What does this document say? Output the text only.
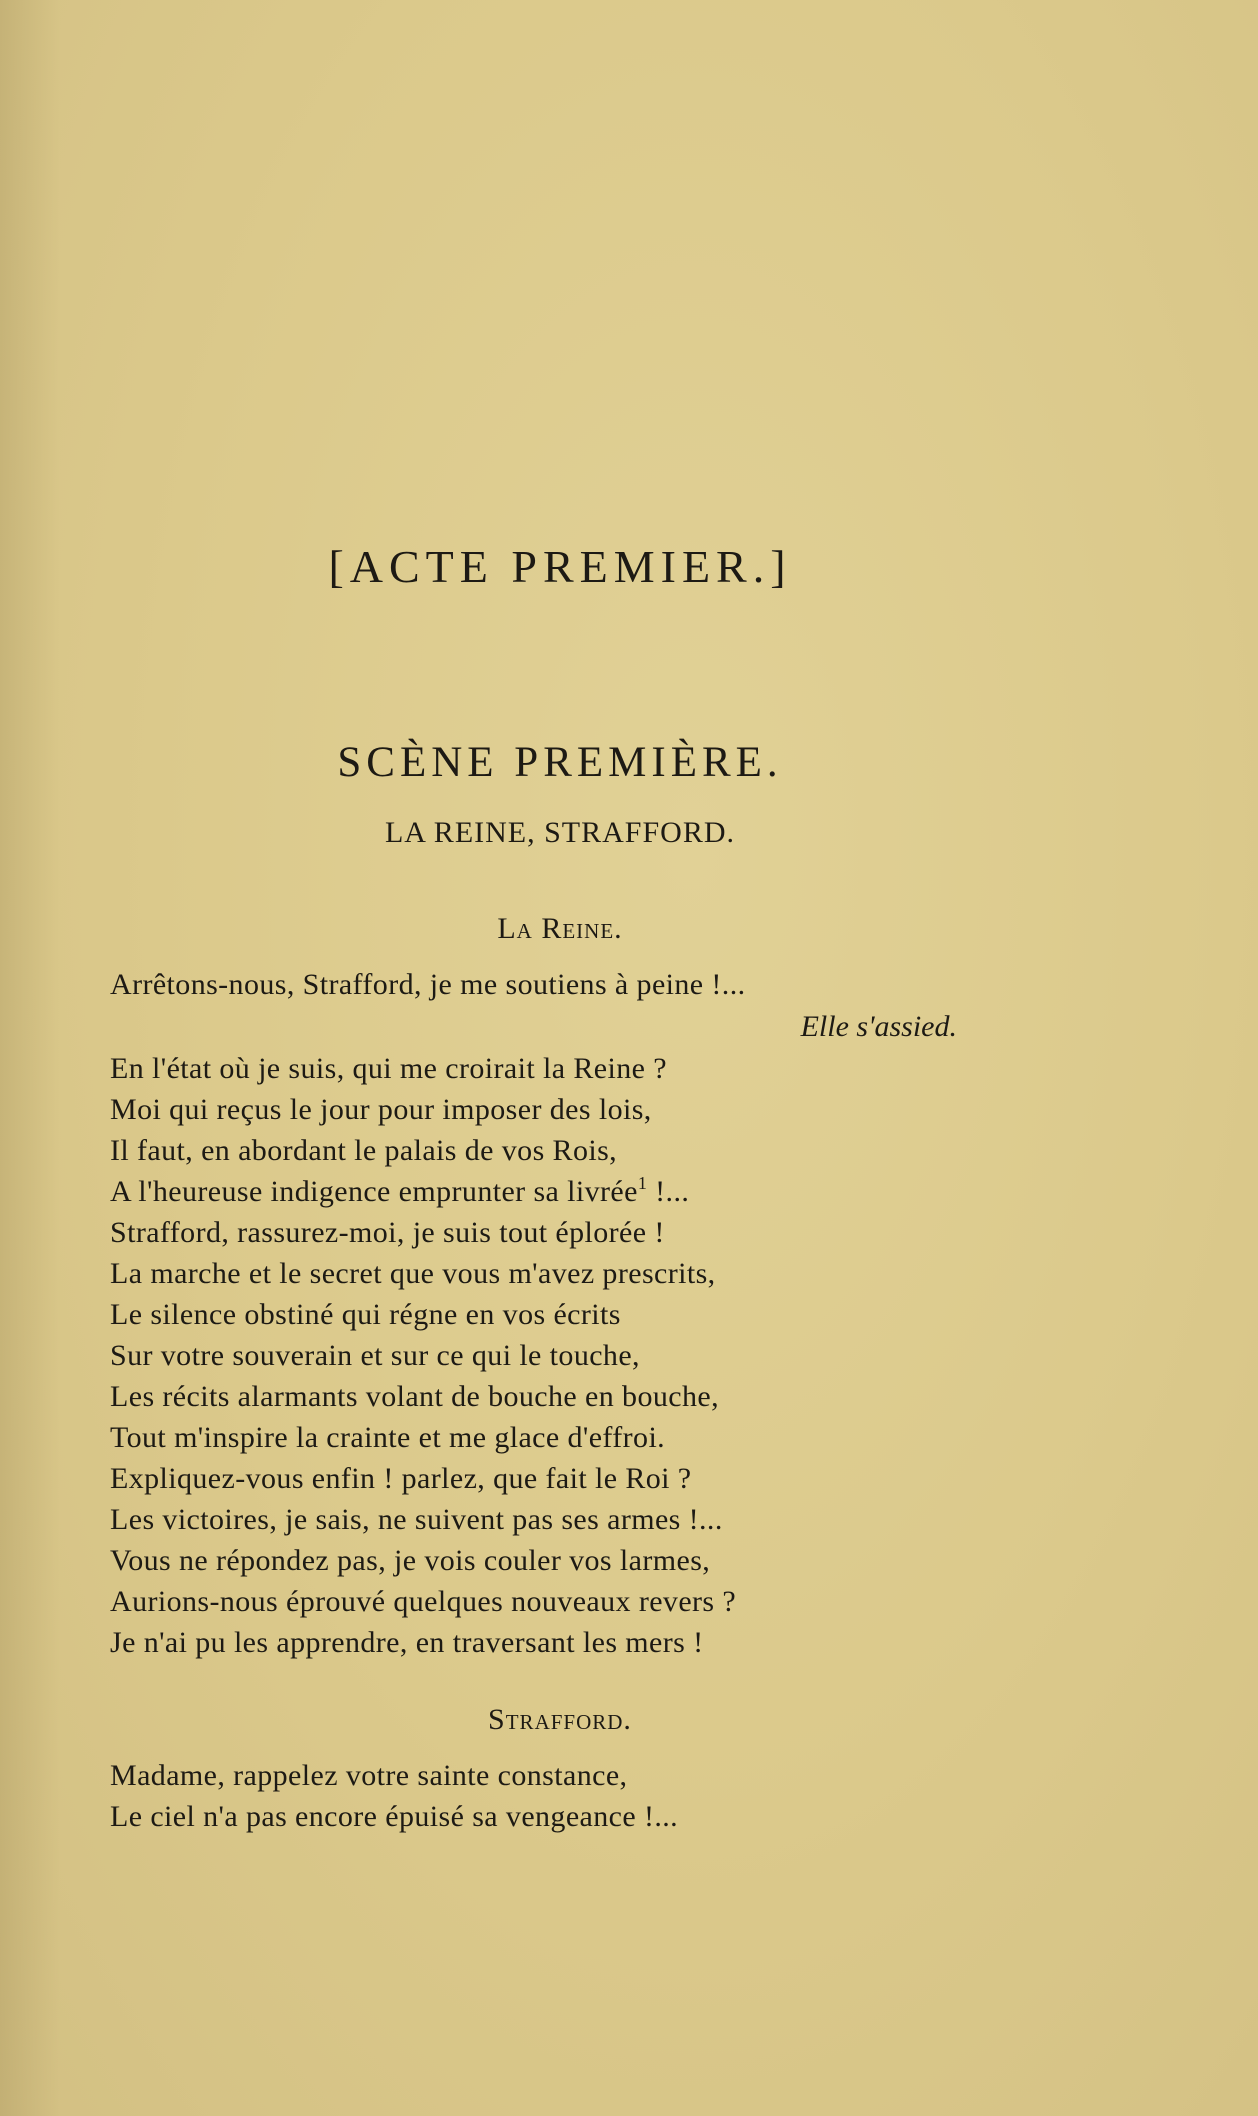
[ACTE PREMIER.]
SCÈNE PREMIÈRE.
LA REINE, STRAFFORD.
La Reine.
Arrêtons-nous, Strafford, je me soutiens à peine !...
Elle s'assied.
En l'état où je suis, qui me croirait la Reine ?
Moi qui reçus le jour pour imposer des lois,
Il faut, en abordant le palais de vos Rois,
A l'heureuse indigence emprunter sa livrée$^1$ !...
Strafford, rassurez-moi, je suis tout éplorée !
La marche et le secret que vous m'avez prescrits,
Le silence obstiné qui régne en vos écrits
Sur votre souverain et sur ce qui le touche,
Les récits alarmants volant de bouche en bouche,
Tout m'inspire la crainte et me glace d'effroi.
Expliquez-vous enfin ! parlez, que fait le Roi ?
Les victoires, je sais, ne suivent pas ses armes !...
Vous ne répondez pas, je vois couler vos larmes,
Aurions-nous éprouvé quelques nouveaux revers ?
Je n'ai pu les apprendre, en traversant les mers !
Strafford.
Madame, rappelez votre sainte constance,
Le ciel n'a pas encore épuisé sa vengeance !...
